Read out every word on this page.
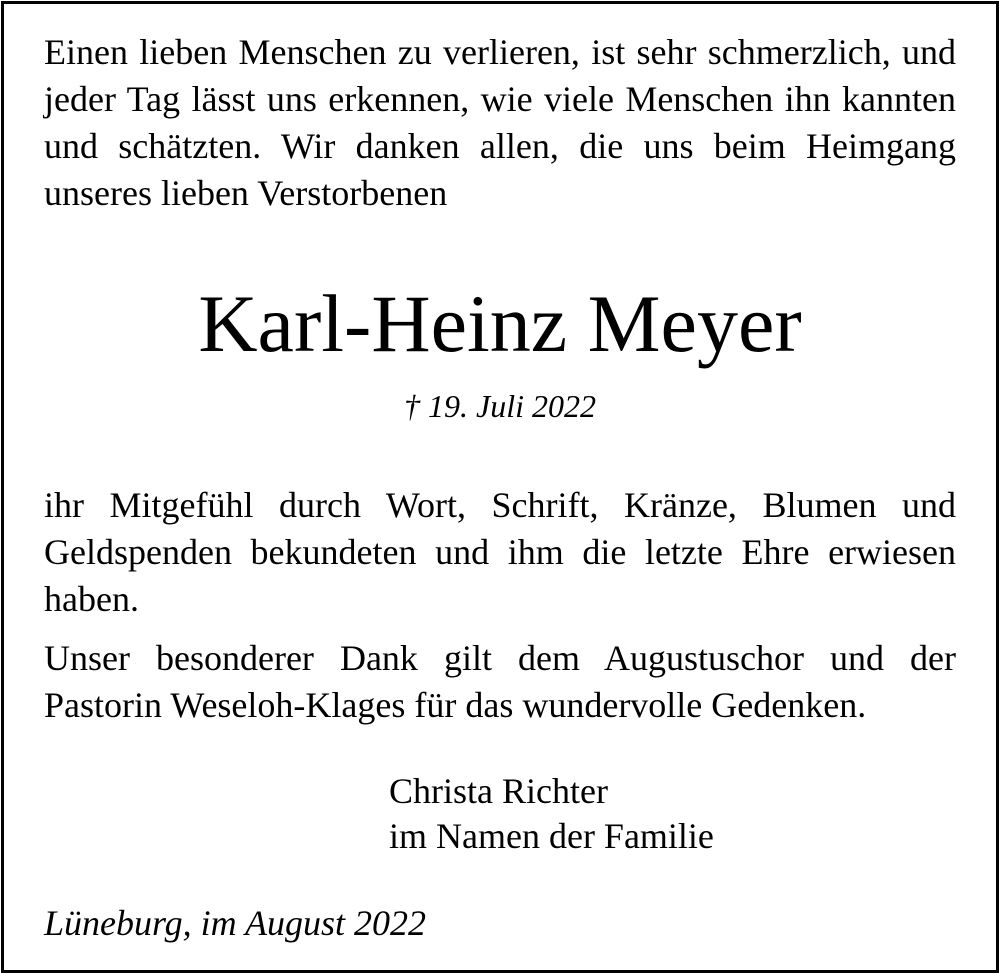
Einen lieben Menschen zu verlieren, ist sehr schmerzlich, und jeder Tag lässt uns erkennen, wie viele Menschen ihn kannten und schätzten. Wir danken allen, die uns beim Heimgang unseres lieben Verstorbenen

Karl-Heinz Meyer
† 19. Juli 2022

ihr Mitgefühl durch Wort, Schrift, Kränze, Blumen und Geldspenden bekundeten und ihm die letzte Ehre erwiesen haben.

Unser besonderer Dank gilt dem Augustuschor und der Pastorin Weseloh-Klages für das wundervolle Gedenken.

Christa Richter
im Namen der Familie
Lüneburg, im August 2022
